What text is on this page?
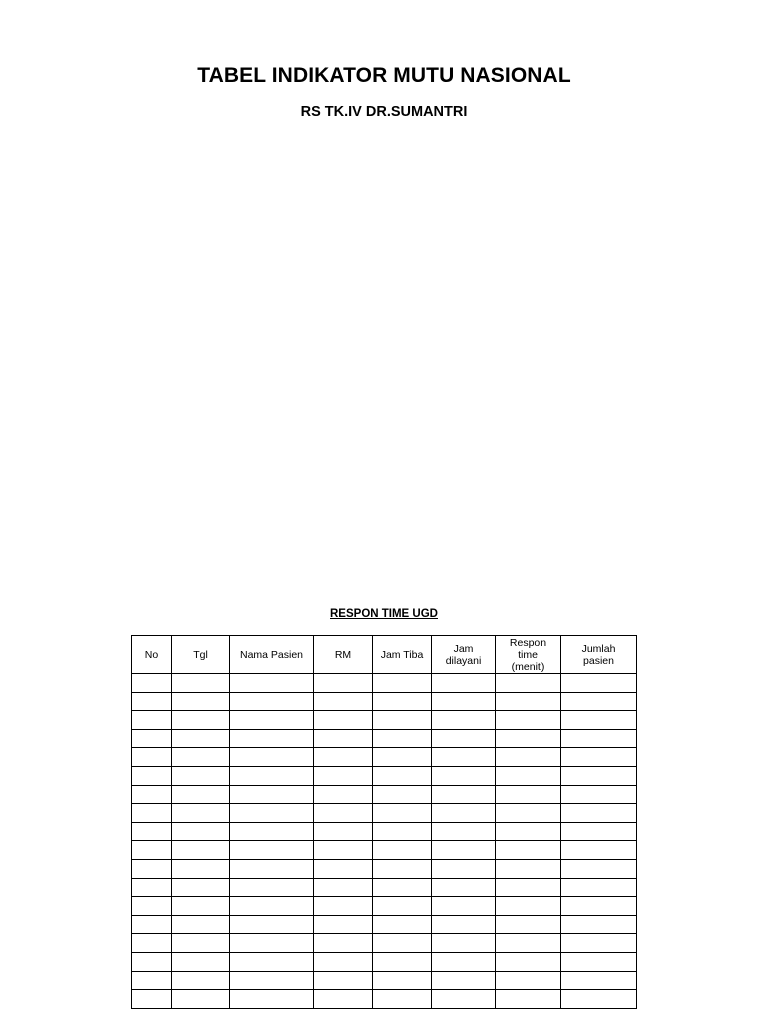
TABEL INDIKATOR MUTU NASIONAL
RS TK.IV DR.SUMANTRI
RESPON TIME UGD
No	Tgl	Nama Pasien	RM	Jam Tiba	Jam
dilayani	Respon
time
(menit)	Jumlah
pasien
